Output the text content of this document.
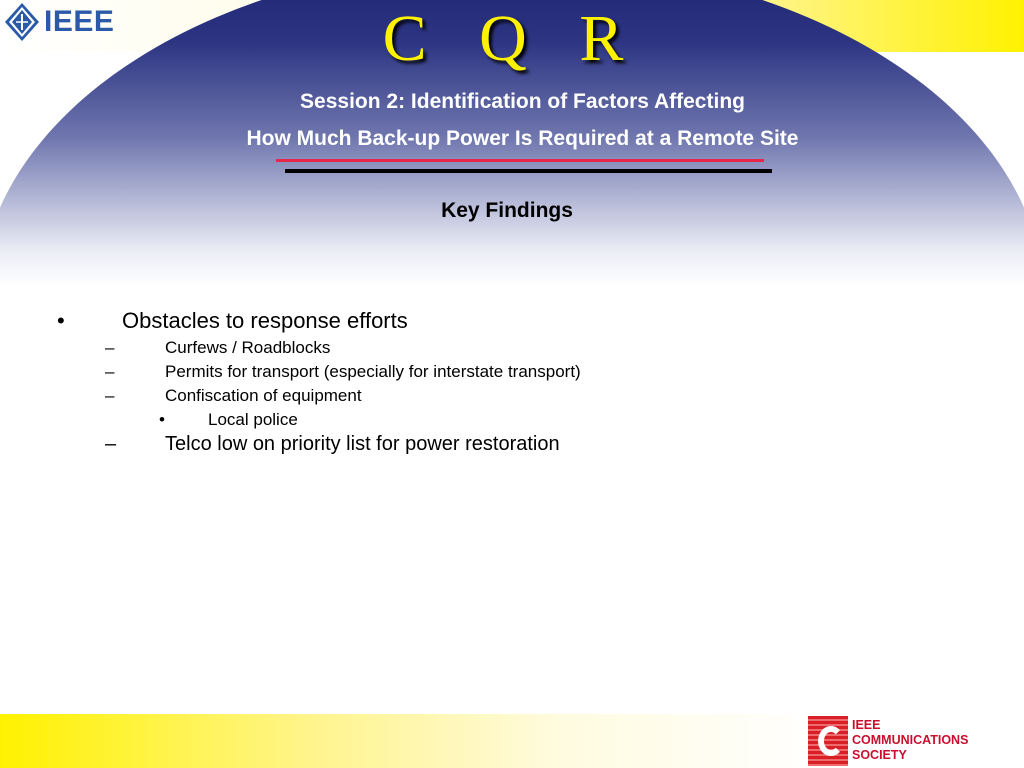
IEEE	C Q R
Session 2: Identification of Factors Affecting
How Much Back-up Power Is Required at a Remote Site
Key Findings
•	Obstacles to response efforts
–	Curfews / Roadblocks
–	Permits for transport (especially for interstate transport)
–	Confiscation of equipment
•	Local police
– Telco low on priority list for power restoration
IEEE
COMMUNICATIONS
SOCIETY
